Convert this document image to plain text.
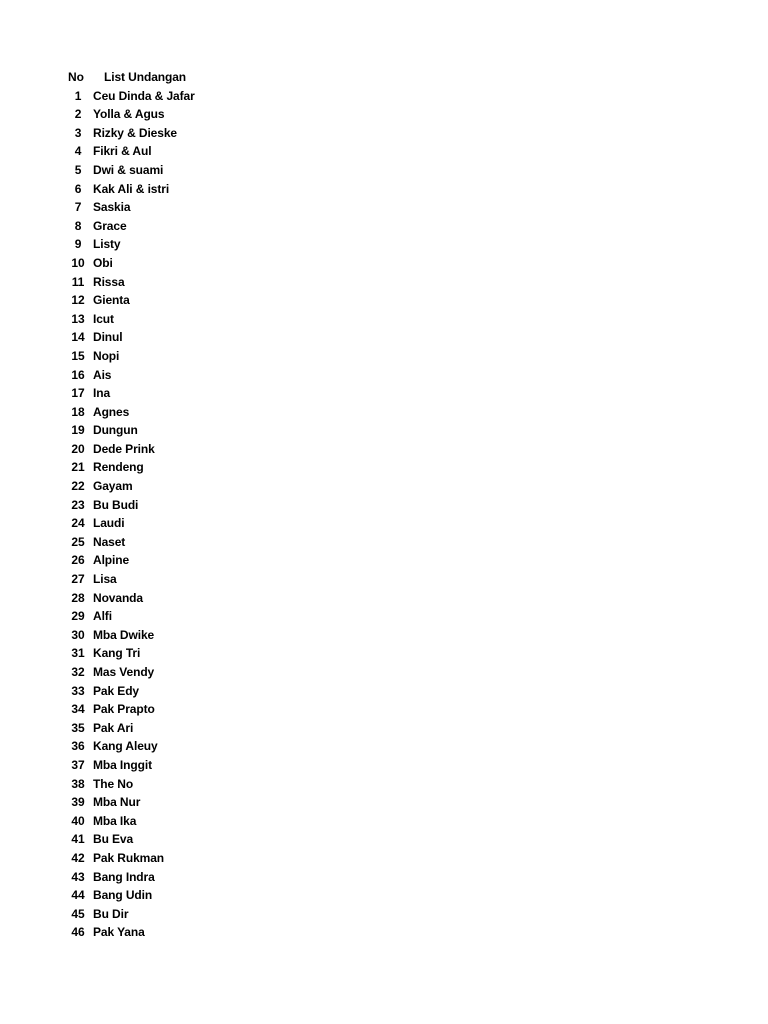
No	List Undangan
1	Ceu Dinda & Jafar
2	Yolla & Agus
3	Rizky & Dieske
4	Fikri & Aul
5	Dwi & suami
6	Kak Ali & istri
7	Saskia
8	Grace
9	Listy
10	Obi
11	Rissa
12	Gienta
13	Icut
14	Dinul
15	Nopi
16	Ais
17	Ina
18	Agnes
19	Dungun
20	Dede Prink
21	Rendeng
22	Gayam
23	Bu Budi
24	Laudi
25	Naset
26	Alpine
27	Lisa
28	Novanda
29	Alfi
30	Mba Dwike
31	Kang Tri
32	Mas Vendy
33	Pak Edy
34	Pak Prapto
35	Pak Ari
36	Kang Aleuy
37	Mba Inggit
38	The No
39	Mba Nur
40	Mba Ika
41	Bu Eva
42	Pak Rukman
43	Bang Indra
44	Bang Udin
45	Bu Dir
46	Pak Yana
